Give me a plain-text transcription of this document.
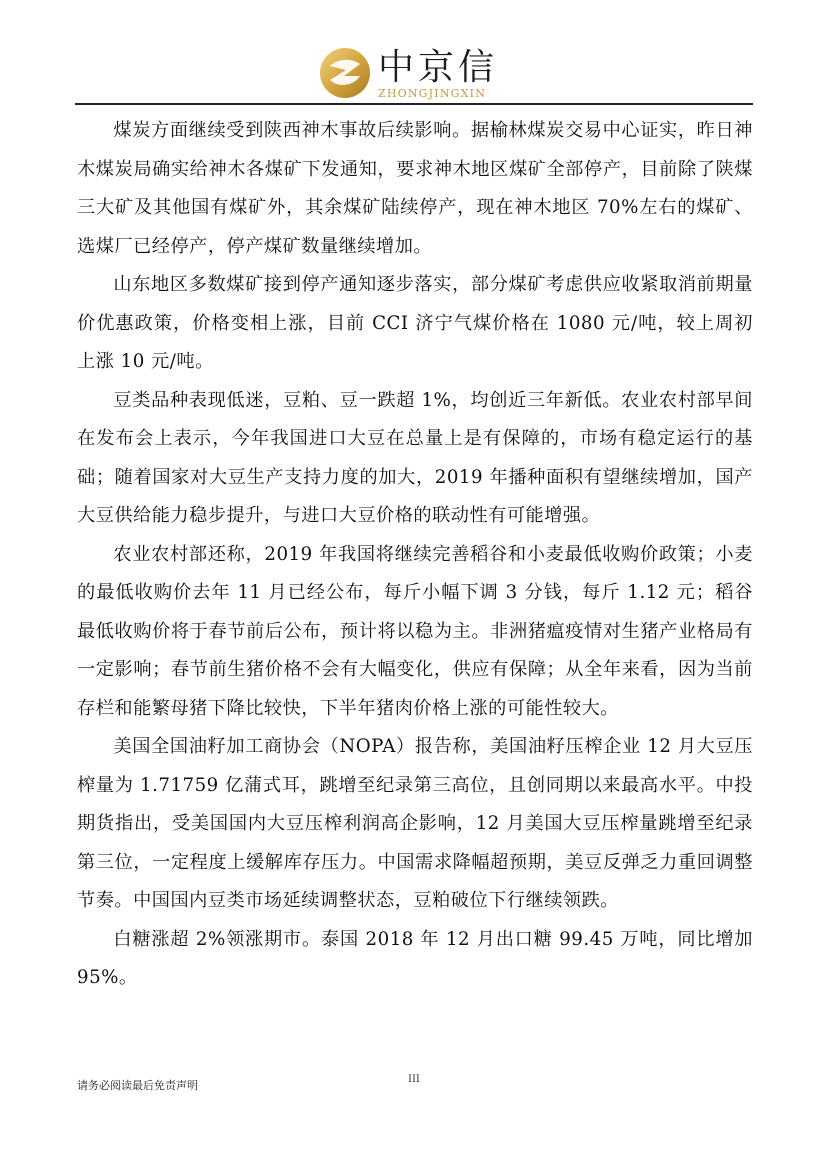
中京信
ZHONGJINGXIN

煤炭方面继续受到陕西神木事故后续影响。据榆林煤炭交易中心证实，昨日神木煤炭局确实给神木各煤矿下发通知，要求神木地区煤矿全部停产，目前除了陕煤三大矿及其他国有煤矿外，其余煤矿陆续停产，现在神木地区 70%左右的煤矿、选煤厂已经停产，停产煤矿数量继续增加。

山东地区多数煤矿接到停产通知逐步落实，部分煤矿考虑供应收紧取消前期量价优惠政策，价格变相上涨，目前 CCI 济宁气煤价格在 1080 元/吨，较上周初上涨 10 元/吨。

豆类品种表现低迷，豆粕、豆一跌超 1%，均创近三年新低。农业农村部早间在发布会上表示，今年我国进口大豆在总量上是有保障的，市场有稳定运行的基础；随着国家对大豆生产支持力度的加大，2019 年播种面积有望继续增加，国产大豆供给能力稳步提升，与进口大豆价格的联动性有可能增强。

农业农村部还称，2019 年我国将继续完善稻谷和小麦最低收购价政策；小麦的最低收购价去年 11 月已经公布，每斤小幅下调 3 分钱，每斤 1.12 元；稻谷最低收购价将于春节前后公布，预计将以稳为主。非洲猪瘟疫情对生猪产业格局有一定影响；春节前生猪价格不会有大幅变化，供应有保障；从全年来看，因为当前存栏和能繁母猪下降比较快，下半年猪肉价格上涨的可能性较大。

美国全国油籽加工商协会（NOPA）报告称，美国油籽压榨企业 12 月大豆压榨量为 1.71759 亿蒲式耳，跳增至纪录第三高位，且创同期以来最高水平。中投期货指出，受美国国内大豆压榨利润高企影响，12 月美国大豆压榨量跳增至纪录第三位，一定程度上缓解库存压力。中国需求降幅超预期，美豆反弹乏力重回调整节奏。中国国内豆类市场延续调整状态，豆粕破位下行继续领跌。

白糖涨超 2%领涨期市。泰国 2018 年 12 月出口糖 99.45 万吨，同比增加 95%。

请务必阅读最后免责声明	III
